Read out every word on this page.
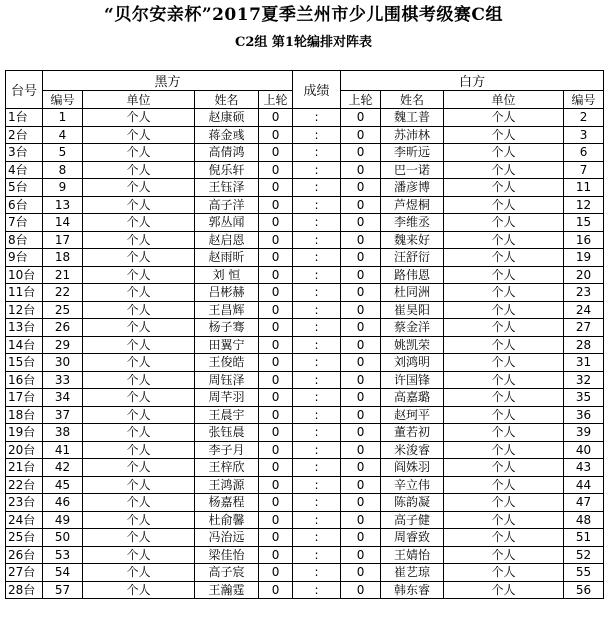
“贝尔安亲杯”2017夏季兰州市少儿围棋考级赛C组
C2组 第1轮编排对阵表
台号	黑方				成绩	白方			
	编号	单位	姓名	上轮		上轮	姓名	单位	编号
1台	1	个人	赵康硕	0	:	0	魏工普	个人	2
2台	4	个人	蒋金彧	0	:	0	苏沛林	个人	3
3台	5	个人	高倩鸿	0	:	0	李昕远	个人	6
4台	8	个人	倪乐轩	0	:	0	巴一诺	个人	7
5台	9	个人	王钰泽	0	:	0	潘彦博	个人	11
6台	13	个人	高子洋	0	:	0	芦煜桐	个人	12
7台	14	个人	郭丛闻	0	:	0	李维丞	个人	15
8台	17	个人	赵启恩	0	:	0	魏来好	个人	16
9台	18	个人	赵雨昕	0	:	0	汪舒衍	个人	19
10台	21	个人	刘 恒	0	:	0	路伟恩	个人	20
11台	22	个人	吕彬赫	0	:	0	杜同洲	个人	23
12台	25	个人	王昌辉	0	:	0	崔昊阳	个人	24
13台	26	个人	杨子骞	0	:	0	蔡金洋	个人	27
14台	29	个人	田翼宁	0	:	0	姚凯荣	个人	28
15台	30	个人	王俊皓	0	:	0	刘鸿明	个人	31
16台	33	个人	周钰泽	0	:	0	许国锋	个人	32
17台	34	个人	周芊羽	0	:	0	高嘉璐	个人	35
18台	37	个人	王晨宇	0	:	0	赵珂平	个人	36
19台	38	个人	张钰晨	0	:	0	董若初	个人	39
20台	41	个人	李子月	0	:	0	米浚睿	个人	40
21台	42	个人	王梓欣	0	:	0	阎姝羽	个人	43
22台	45	个人	王鸿源	0	:	0	辛立伟	个人	44
23台	46	个人	杨嘉程	0	:	0	陈韵凝	个人	47
24台	49	个人	杜俞馨	0	:	0	高子健	个人	48
25台	50	个人	冯治远	0	:	0	周睿致	个人	51
26台	53	个人	梁佳怡	0	:	0	王婧怡	个人	52
27台	54	个人	高子宸	0	:	0	崔艺琼	个人	55
28台	57	个人	王瀚霆	0	:	0	韩东睿	个人	56
